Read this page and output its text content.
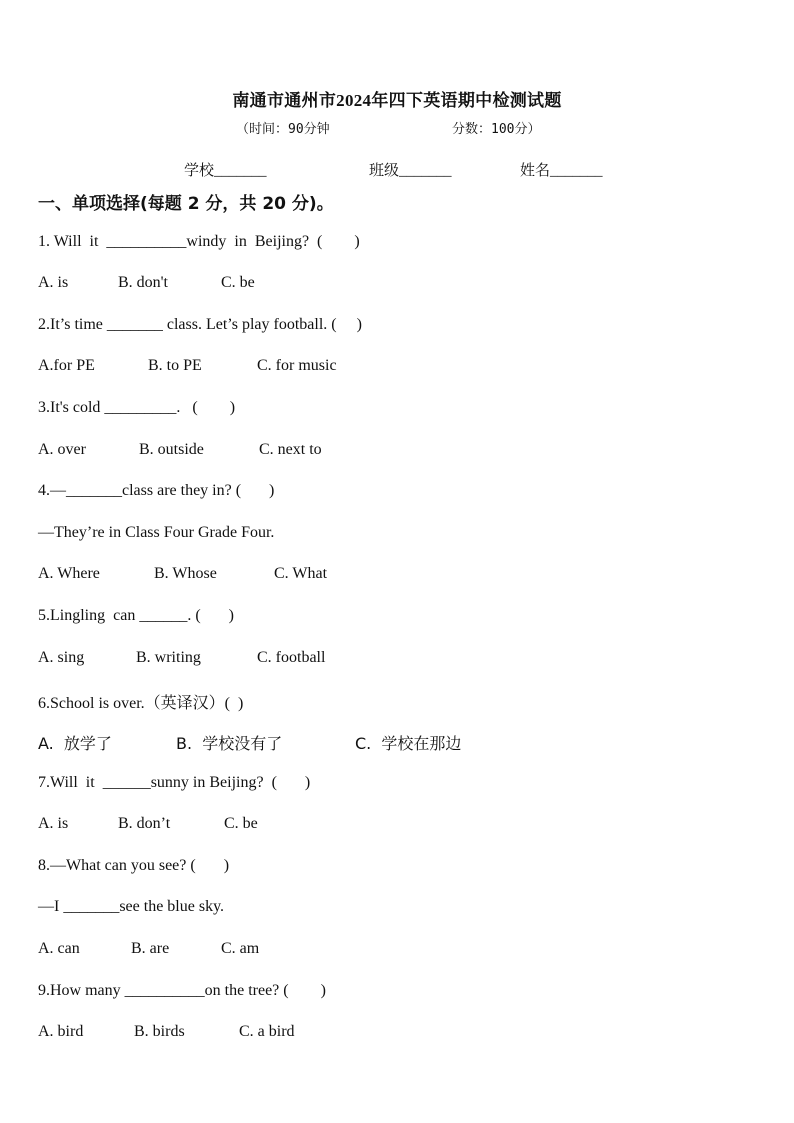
南通市通州市2024年四下英语期中检测试题
（时间：90分钟	分数：100分）
学校_______	班级_______	姓名_______
一、单项选择(每题 2 分，共 20 分)。
1. Will  it  __________windy  in  Beijing?  (        )
A. is	B. don't	C. be
2.It’s time _______ class. Let’s play football. (     )
A.for PE	B. to PE	C. for music
3.It's cold _________.   (        )
A. over	B. outside	C. next to
4.—_______class are they in? (       )
—They’re in Class Four Grade Four.
A. Where	B. Whose	C. What
5.Lingling  can ______. (       )
A. sing	B. writing	C. football
6.School is over.（英译汉）(  )
A.  放学了	B.  学校没有了	C.  学校在那边
7.Will  it  ______sunny in Beijing?  (       )
A. is	B. don’t	C. be
8.—What can you see? (       )
—I _______see the blue sky.
A. can	B. are	C. am
9.How many __________on the tree? (        )
A. bird	B. birds	C. a bird
